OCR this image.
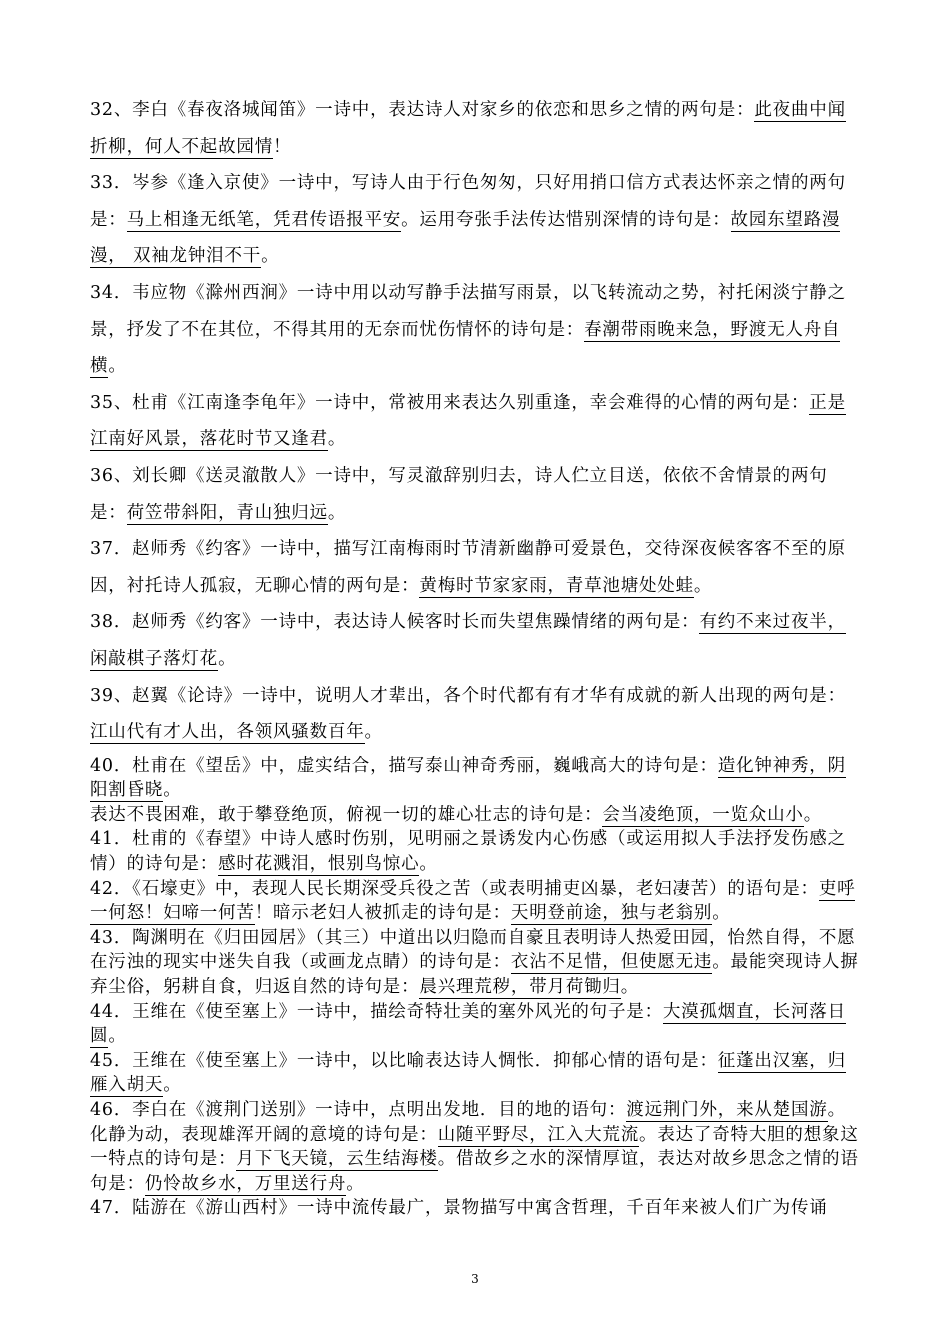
32、李白《春夜洛城闻笛》一诗中，表达诗人对家乡的依恋和思乡之情的两句是：此夜曲中闻折柳，何人不起故园情！

33．岑参《逢入京使》一诗中，写诗人由于行色匆匆，只好用捎口信方式表达怀亲之情的两句是：马上相逢无纸笔，凭君传语报平安。运用夸张手法传达惜别深情的诗句是：故园东望路漫漫， 双袖龙钟泪不干。

34．韦应物《滁州西涧》一诗中用以动写静手法描写雨景，以飞转流动之势，衬托闲淡宁静之景，抒发了不在其位，不得其用的无奈而忧伤情怀的诗句是：春潮带雨晚来急，野渡无人舟自横。

35、杜甫《江南逢李龟年》一诗中，常被用来表达久别重逢，幸会难得的心情的两句是：正是江南好风景，落花时节又逢君。

36、刘长卿《送灵澈散人》一诗中，写灵澈辞别归去，诗人伫立目送，依依不舍情景的两句是：荷笠带斜阳，青山独归远。

37．赵师秀《约客》一诗中，描写江南梅雨时节清新幽静可爱景色，交待深夜候客客不至的原因，衬托诗人孤寂，无聊心情的两句是：黄梅时节家家雨，青草池塘处处蛙。

38．赵师秀《约客》一诗中，表达诗人候客时长而失望焦躁情绪的两句是：有约不来过夜半，闲敲棋子落灯花。

39、赵翼《论诗》一诗中，说明人才辈出，各个时代都有有才华有成就的新人出现的两句是：江山代有才人出，各领风骚数百年。

40．杜甫在《望岳》中，虚实结合，描写泰山神奇秀丽，巍峨高大的诗句是：造化钟神秀，阴阳割昏晓。

表达不畏困难，敢于攀登绝顶，俯视一切的雄心壮志的诗句是：会当凌绝顶，一览众山小。

41．杜甫的《春望》中诗人感时伤别，见明丽之景诱发内心伤感（或运用拟人手法抒发伤感之情）的诗句是：感时花溅泪，恨别鸟惊心。

42．《石壕吏》中，表现人民长期深受兵役之苦（或表明捕吏凶暴，老妇凄苦）的语句是：吏呼一何怒！妇啼一何苦！暗示老妇人被抓走的诗句是：天明登前途，独与老翁别。

43．陶渊明在《归田园居》（其三）中道出以归隐而自豪且表明诗人热爱田园，怡然自得，不愿在污浊的现实中迷失自我（或画龙点睛）的诗句是：衣沾不足惜，但使愿无违。最能突现诗人摒弃尘俗，躬耕自食，归返自然的诗句是：晨兴理荒秽，带月荷锄归。

44．王维在《使至塞上》一诗中，描绘奇特壮美的塞外风光的句子是：大漠孤烟直，长河落日圆。

45．王维在《使至塞上》一诗中，以比喻表达诗人惆怅．抑郁心情的语句是：征蓬出汉塞，归雁入胡天。

46．李白在《渡荆门送别》一诗中，点明出发地．目的地的语句：渡远荆门外，来从楚国游。化静为动，表现雄浑开阔的意境的诗句是：山随平野尽，江入大荒流。表达了奇特大胆的想象这一特点的诗句是：月下飞天镜，云生结海楼。借故乡之水的深情厚谊，表达对故乡思念之情的语句是：仍怜故乡水，万里送行舟。

47．陆游在《游山西村》一诗中流传最广，景物描写中寓含哲理，千百年来被人们广为传诵

3
